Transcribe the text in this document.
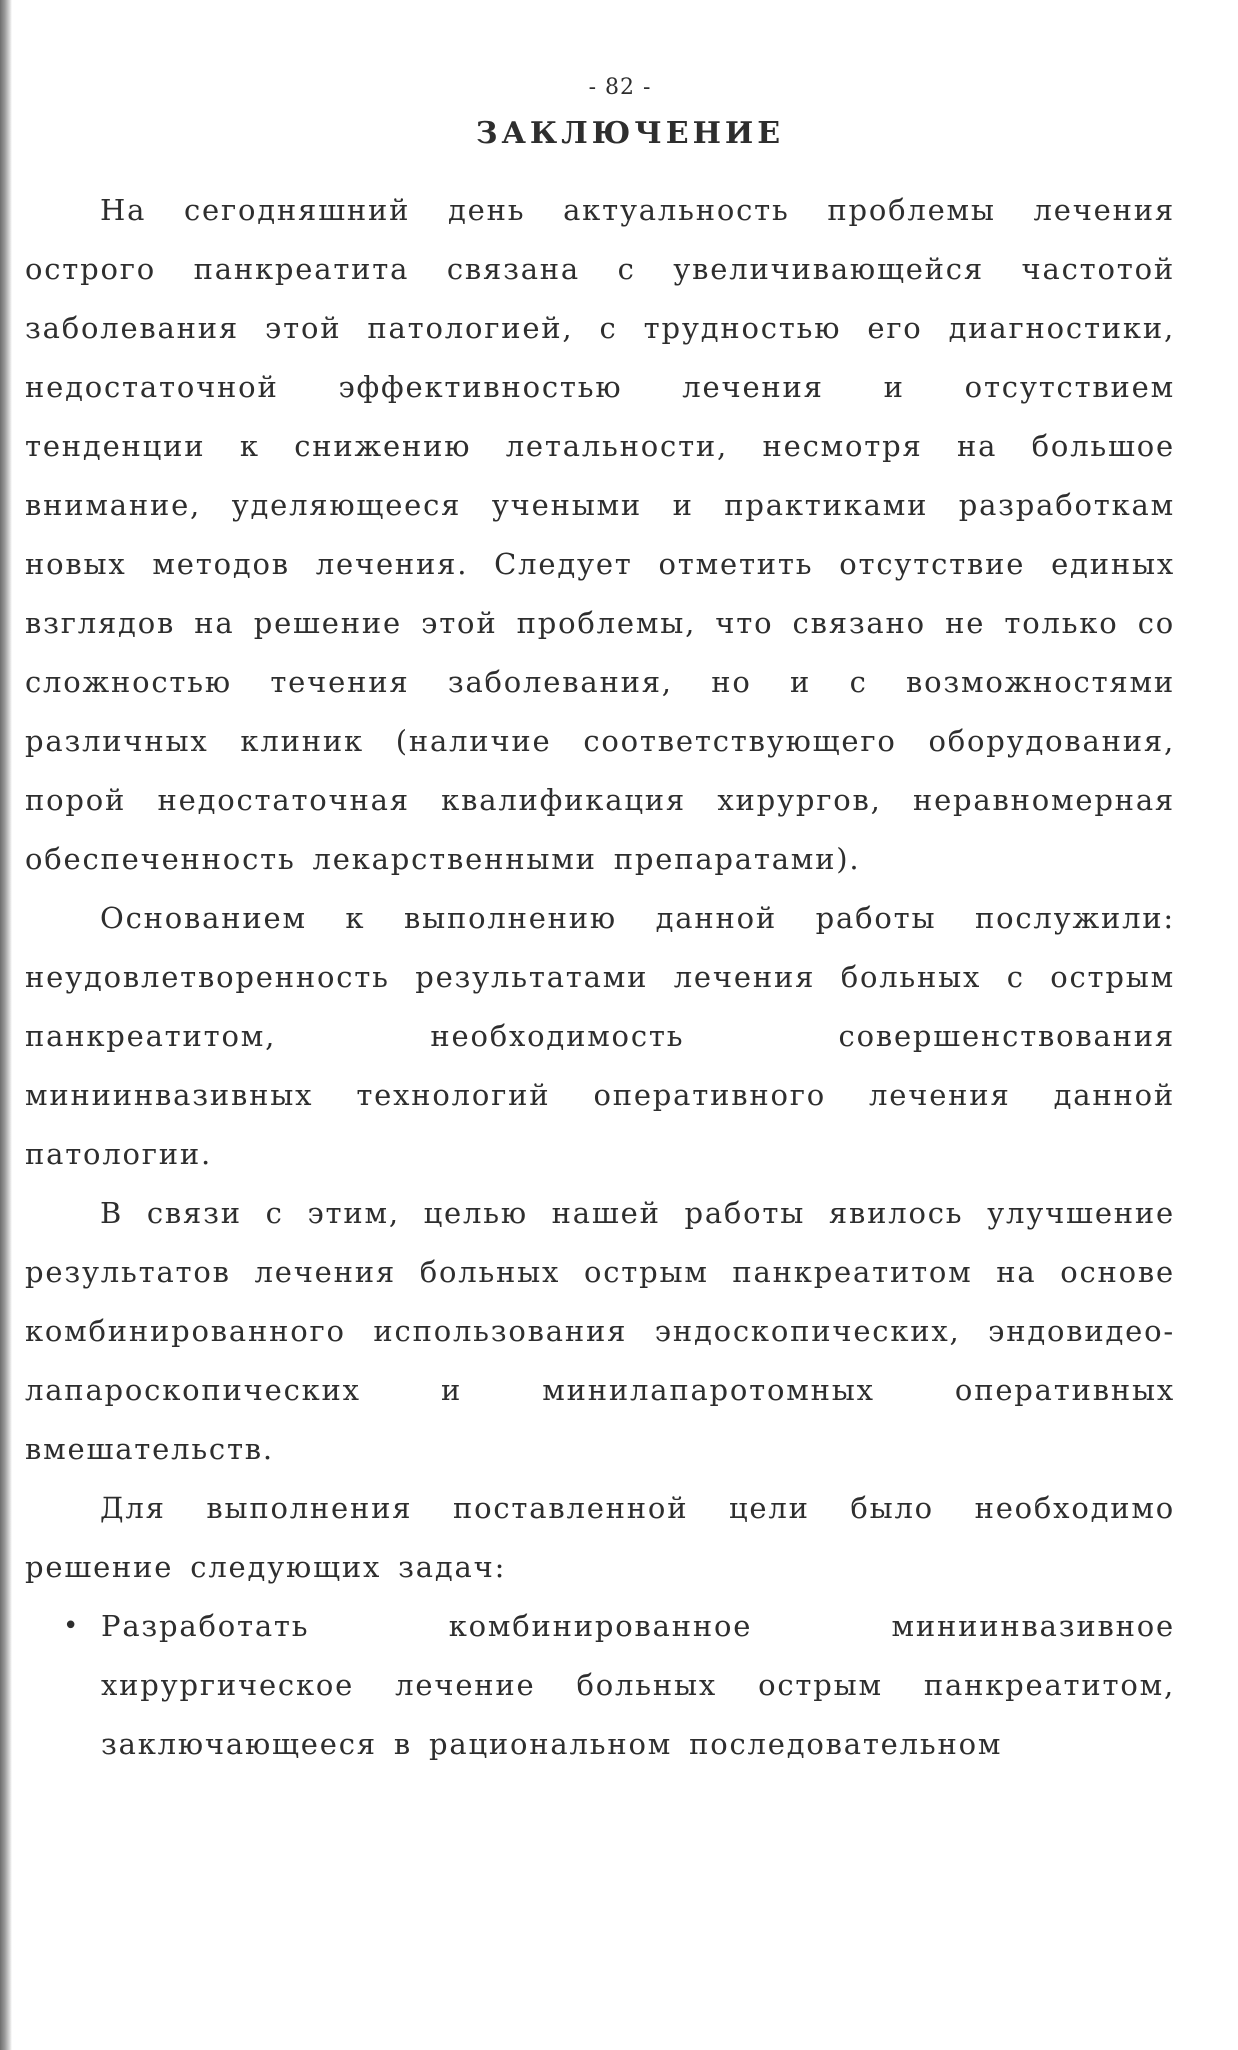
- 82 -
ЗАКЛЮЧЕНИЕ

На сегодняшний день актуальность проблемы лечения острого панкреатита связана с увеличивающейся частотой заболевания этой патологией, с трудностью его диагностики, недостаточной эффективностью лечения и отсутствием тенденции к снижению летальности, несмотря на большое внимание, уделяющееся учеными и практиками разработкам новых методов лечения. Следует отметить отсутствие единых взглядов на решение этой проблемы, что связано не только со сложностью течения заболевания, но и с возможностями различных клиник (наличие соответствующего оборудования, порой недостаточная квалификация хирургов, неравномерная обеспеченность лекарственными препаратами).

Основанием к выполнению данной работы послужили: неудовлетворенность результатами лечения больных с острым панкреатитом, необходимость совершенствования миниинвазивных технологий оперативного лечения данной патологии.

В связи с этим, целью нашей работы явилось улучшение результатов лечения больных острым панкреатитом на основе комбинированного использования эндоскопических, эндовидео-лапароскопических и минилапаротомных оперативных вмешательств.

Для выполнения поставленной цели было необходимо решение следующих задач:

• Разработать комбинированное миниинвазивное хирургическое лечение больных острым панкреатитом, заключающееся в рациональном последовательном
